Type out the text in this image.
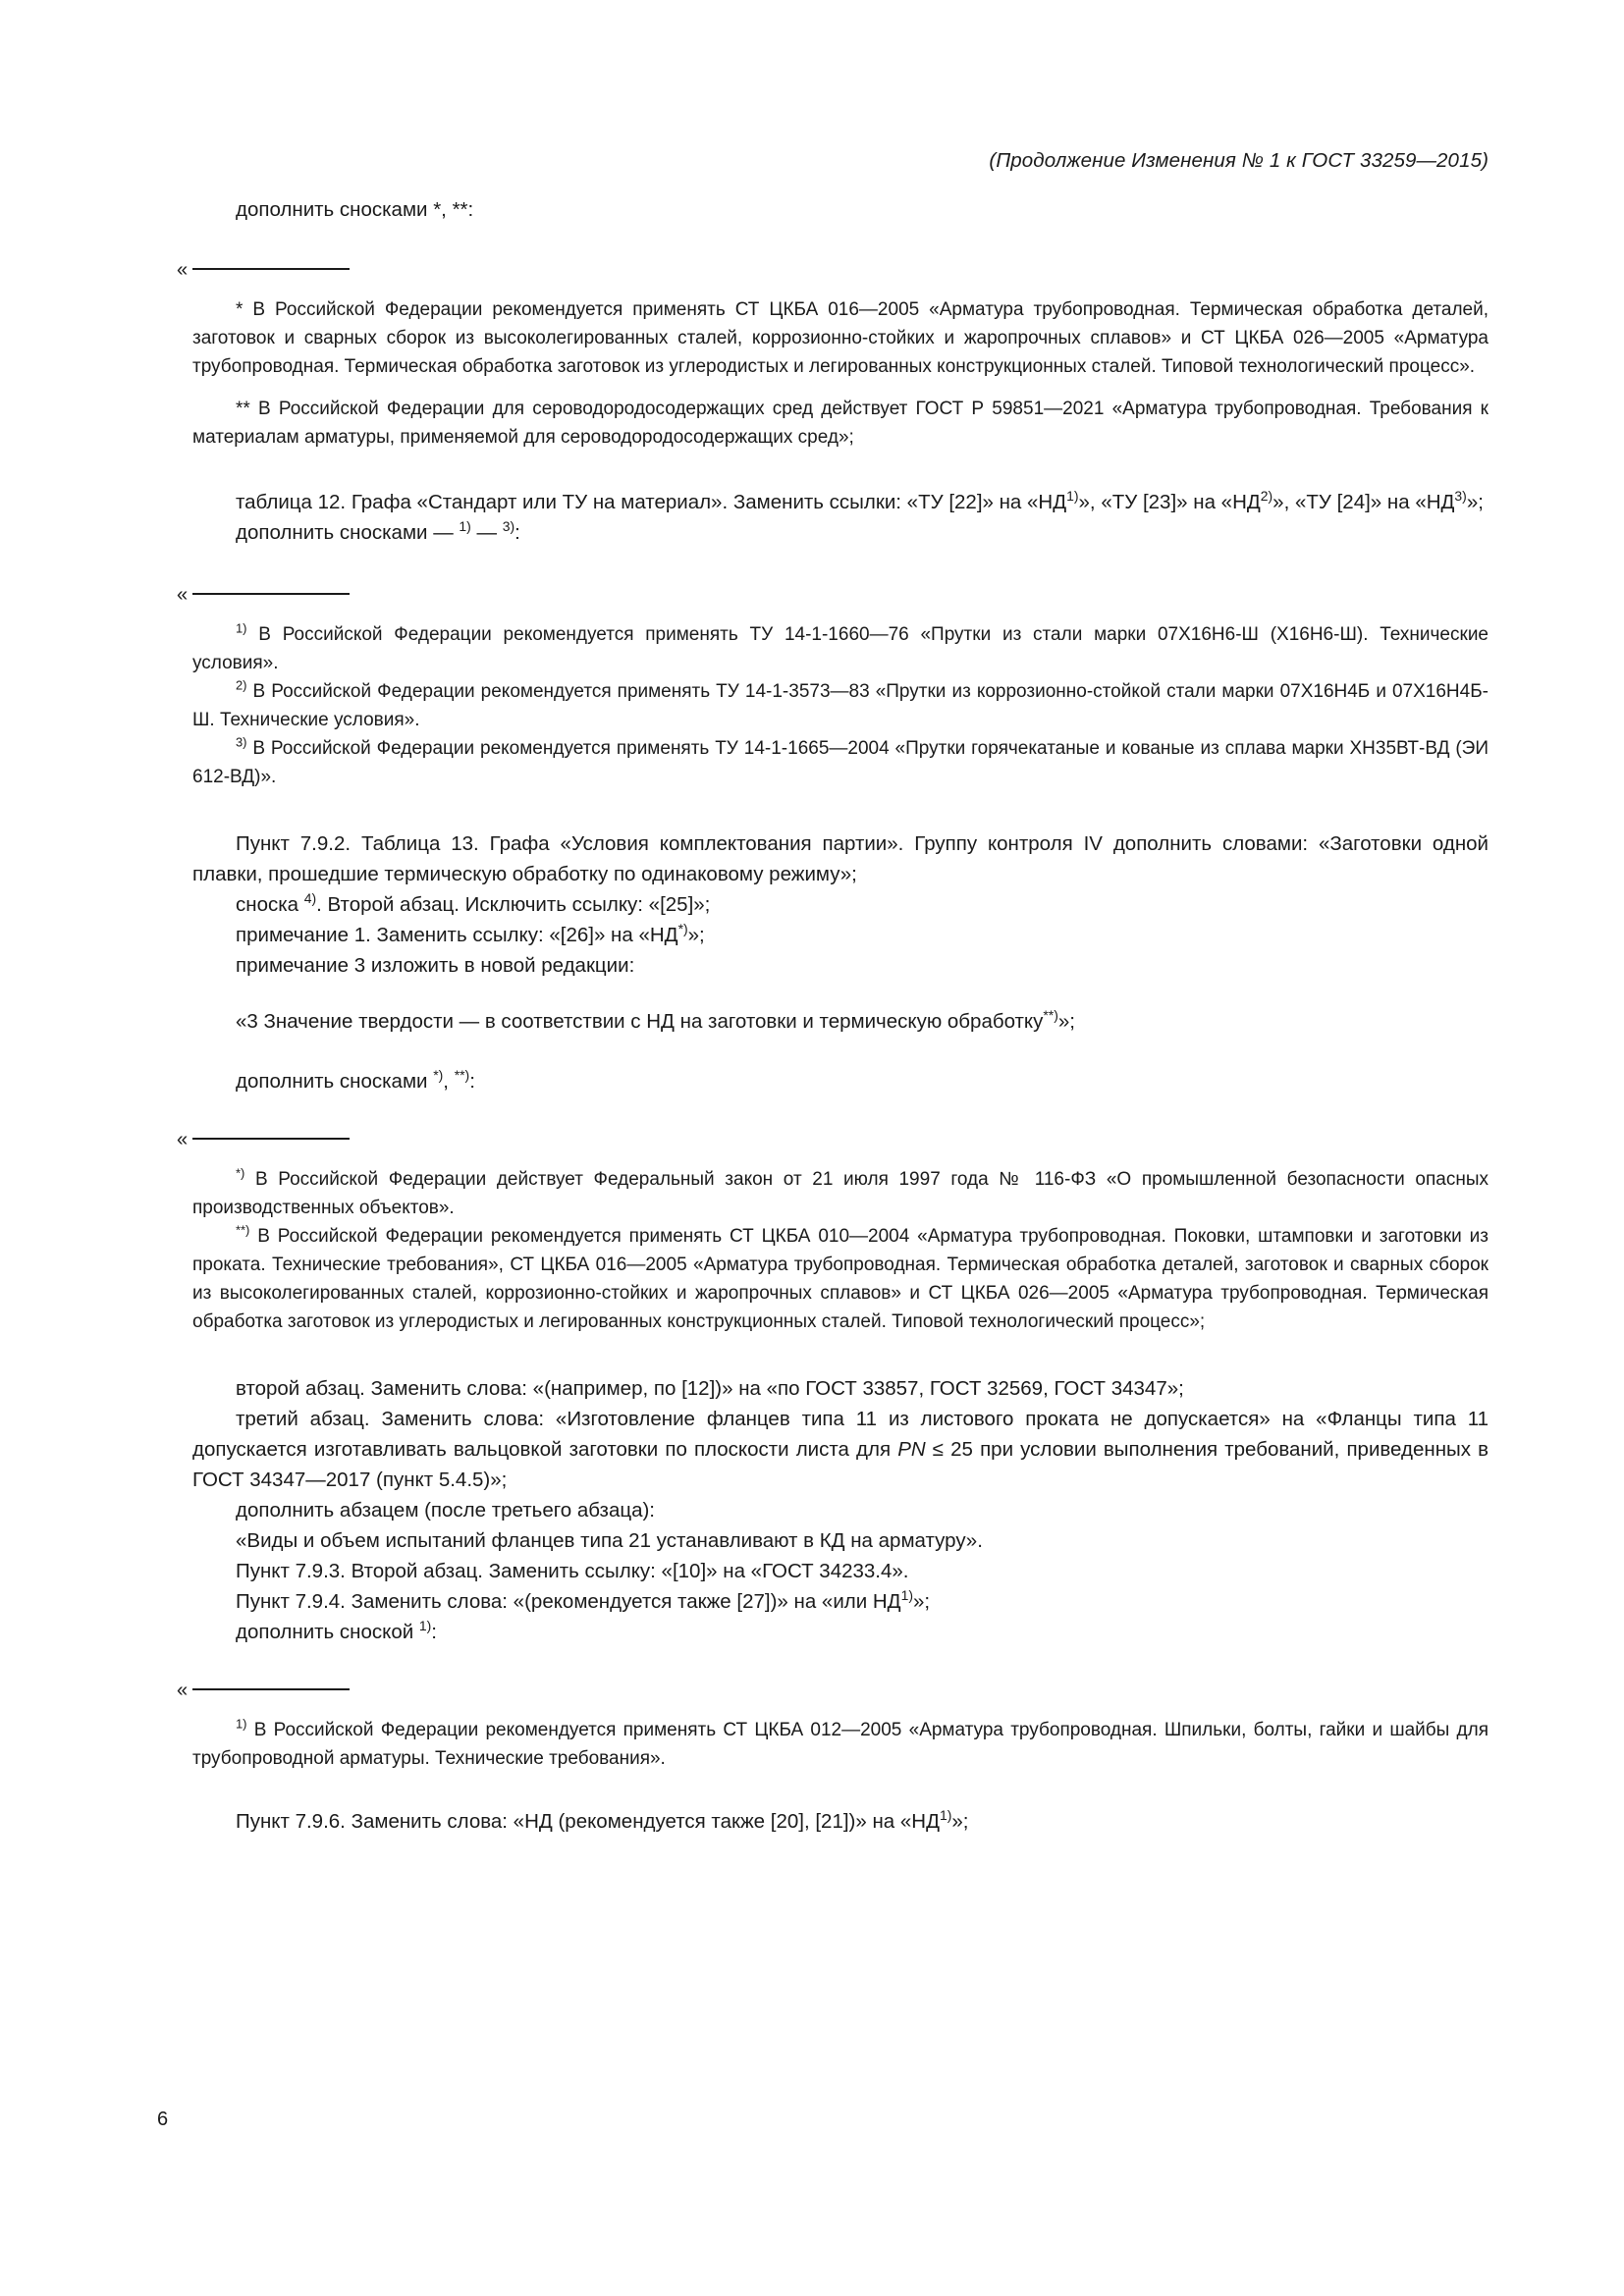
(Продолжение Изменения № 1 к ГОСТ 33259—2015)

дополнить сносками *, **:

«

* В Российской Федерации рекомендуется применять СТ ЦКБА 016—2005 «Арматура трубопроводная. Термическая обработка деталей, заготовок и сварных сборок из высоколегированных сталей, коррозионно-стойких и жаропрочных сплавов» и СТ ЦКБА 026—2005 «Арматура трубопроводная. Термическая обработка заготовок из углеродистых и легированных конструкционных сталей. Типовой технологический процесс».

** В Российской Федерации для сероводородосодержащих сред действует ГОСТ Р 59851—2021 «Арматура трубопроводная. Требования к материалам арматуры, применяемой для сероводородосодержащих сред»;

таблица 12. Графа «Стандарт или ТУ на материал». Заменить ссылки: «ТУ [22]» на «НД$^{1)}$», «ТУ [23]» на «НД$^{2)}$», «ТУ [24]» на «НД$^{3)}$»;

дополнить сносками — $^{1)}$ — $^{3)}$:

«

$^{1)}$ В Российской Федерации рекомендуется применять ТУ 14-1-1660—76 «Прутки из стали марки 07Х16Н6-Ш (Х16Н6-Ш). Технические условия».

$^{2)}$ В Российской Федерации рекомендуется применять ТУ 14-1-3573—83 «Прутки из коррозионно-стойкой стали марки 07Х16Н4Б и 07Х16Н4Б-Ш. Технические условия».

$^{3)}$ В Российской Федерации рекомендуется применять ТУ 14-1-1665—2004 «Прутки горячекатаные и кованые из сплава марки ХН35ВТ-ВД (ЭИ 612-ВД)».

Пункт 7.9.2. Таблица 13. Графа «Условия комплектования партии». Группу контроля IV дополнить словами: «Заготовки одной плавки, прошедшие термическую обработку по одинаковому режиму»;

сноска $^{4)}$. Второй абзац. Исключить ссылку: «[25]»;

примечание 1. Заменить ссылку: «[26]» на «НД*)»;

примечание 3 изложить в новой редакции:

«3 Значение твердости — в соответствии с НД на заготовки и термическую обработку**)»;

дополнить сносками *), **):

«

*) В Российской Федерации действует Федеральный закон от 21 июля 1997 года № 116-ФЗ «О промышленной безопасности опасных производственных объектов».

**) В Российской Федерации рекомендуется применять СТ ЦКБА 010—2004 «Арматура трубопроводная. Поковки, штамповки и заготовки из проката. Технические требования», СТ ЦКБА 016—2005 «Арматура трубопроводная. Термическая обработка деталей, заготовок и сварных сборок из высоколегированных сталей, коррозионно-стойких и жаропрочных сплавов» и СТ ЦКБА 026—2005 «Арматура трубопроводная. Термическая обработка заготовок из углеродистых и легированных конструкционных сталей. Типовой технологический процесс»;

второй абзац. Заменить слова: «(например, по [12])» на «по ГОСТ 33857, ГОСТ 32569, ГОСТ 34347»;

третий абзац. Заменить слова: «Изготовление фланцев типа 11 из листового проката не допускается» на «Фланцы типа 11 допускается изготавливать вальцовкой заготовки по плоскости листа для PN ≤ 25 при условии выполнения требований, приведенных в ГОСТ 34347—2017 (пункт 5.4.5)»;

дополнить абзацем (после третьего абзаца):

«Виды и объем испытаний фланцев типа 21 устанавливают в КД на арматуру».

Пункт 7.9.3. Второй абзац. Заменить ссылку: «[10]» на «ГОСТ 34233.4».

Пункт 7.9.4. Заменить слова: «(рекомендуется также [27])» на «или НД$^{1)}$»;

дополнить сноской $^{1)}$:

«

$^{1)}$ В Российской Федерации рекомендуется применять СТ ЦКБА 012—2005 «Арматура трубопроводная. Шпильки, болты, гайки и шайбы для трубопроводной арматуры. Технические требования».

Пункт 7.9.6. Заменить слова: «НД (рекомендуется также [20], [21])» на «НД$^{1)}$»;

6
